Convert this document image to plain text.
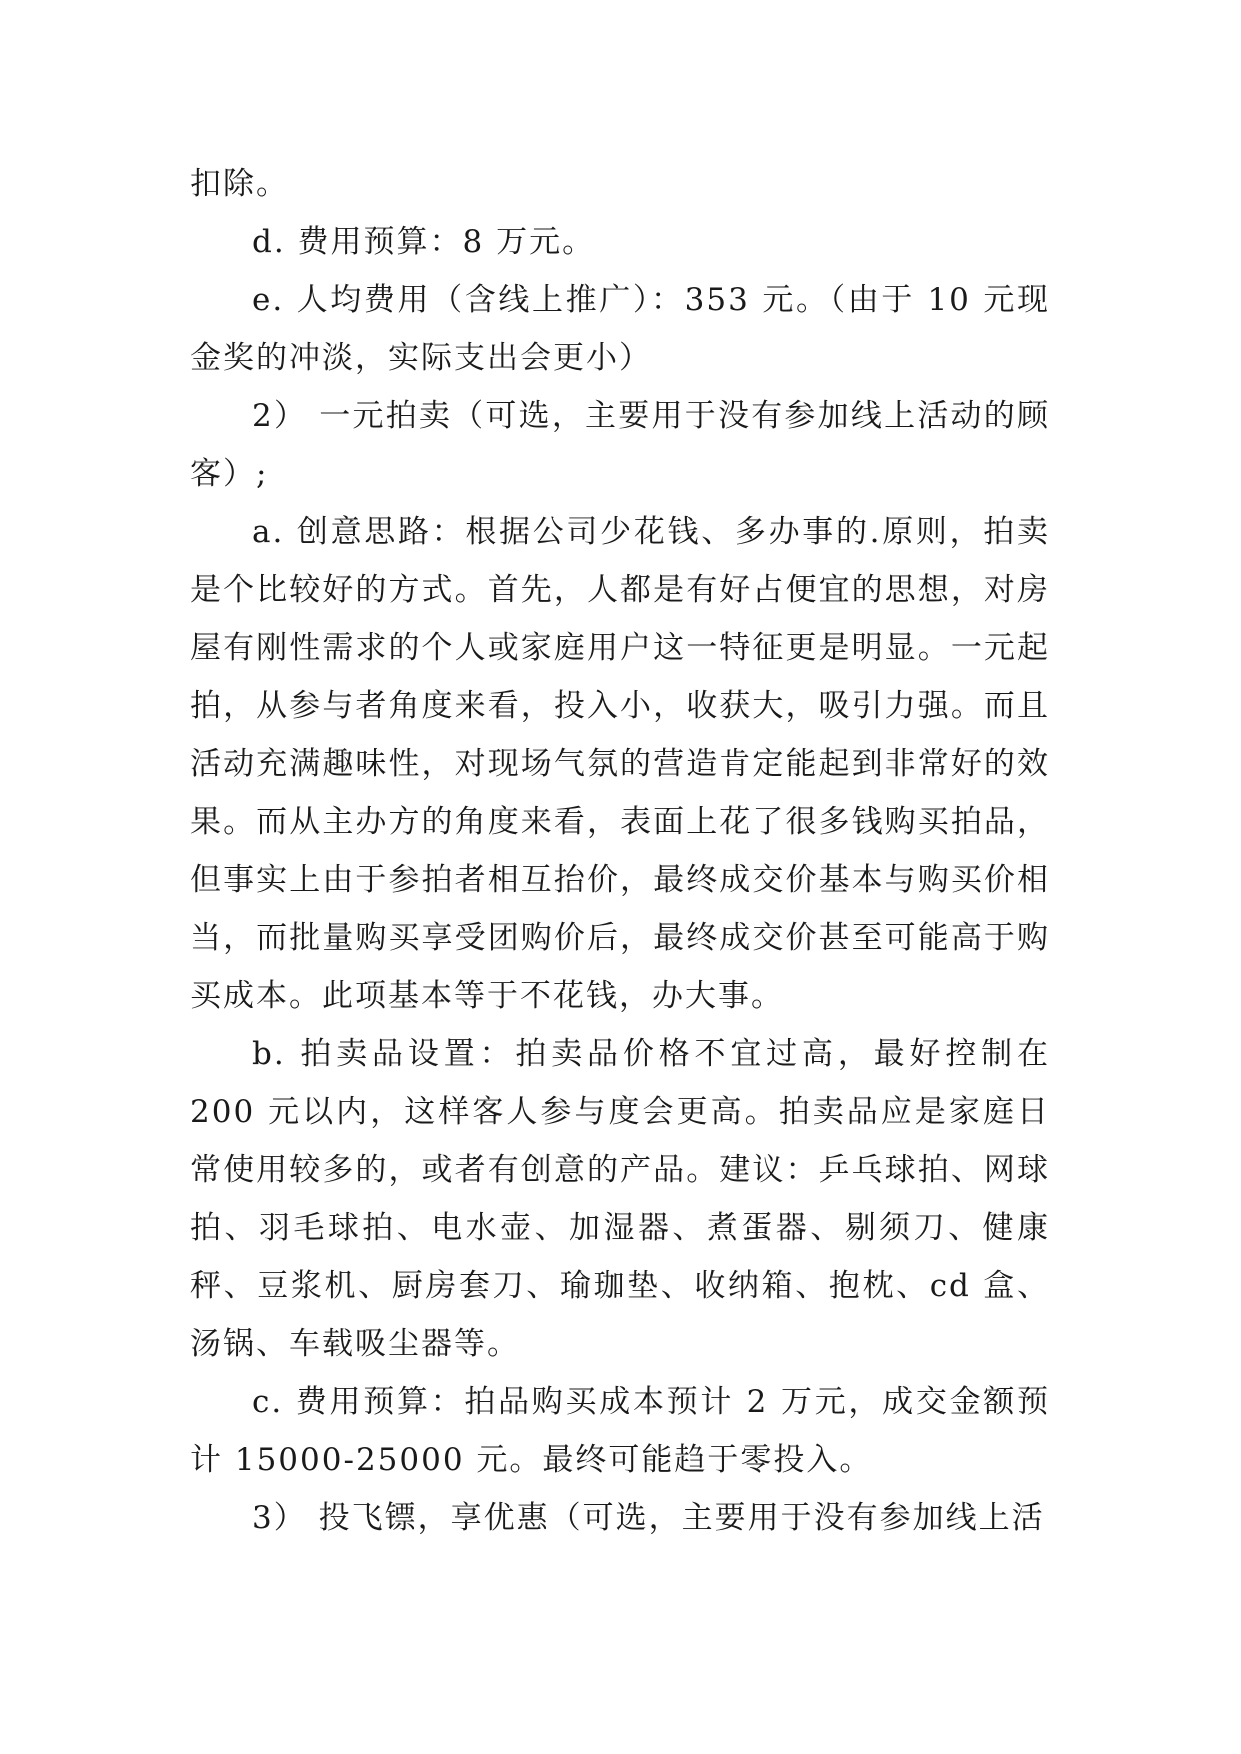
扣除。

d. 费用预算：8 万元。

e. 人均费用（含线上推广）：353 元。（由于 10 元现金奖的冲淡，实际支出会更小）

2） 一元拍卖（可选，主要用于没有参加线上活动的顾客）;

a. 创意思路：根据公司少花钱、多办事的.原则，拍卖是个比较好的方式。首先，人都是有好占便宜的思想，对房屋有刚性需求的个人或家庭用户这一特征更是明显。一元起拍，从参与者角度来看，投入小，收获大，吸引力强。而且活动充满趣味性，对现场气氛的营造肯定能起到非常好的效果。而从主办方的角度来看，表面上花了很多钱购买拍品，但事实上由于参拍者相互抬价，最终成交价基本与购买价相当，而批量购买享受团购价后，最终成交价甚至可能高于购买成本。此项基本等于不花钱，办大事。

b. 拍卖品设置：拍卖品价格不宜过高，最好控制在 200 元以内，这样客人参与度会更高。拍卖品应是家庭日常使用较多的，或者有创意的产品。建议：乒乓球拍、网球拍、羽毛球拍、电水壶、加湿器、煮蛋器、剔须刀、健康秤、豆浆机、厨房套刀、瑜珈垫、收纳箱、抱枕、cd 盒、汤锅、车载吸尘器等。

c. 费用预算：拍品购买成本预计 2 万元，成交金额预计 15000-25000 元。最终可能趋于零投入。

3） 投飞镖，享优惠（可选，主要用于没有参加线上活
